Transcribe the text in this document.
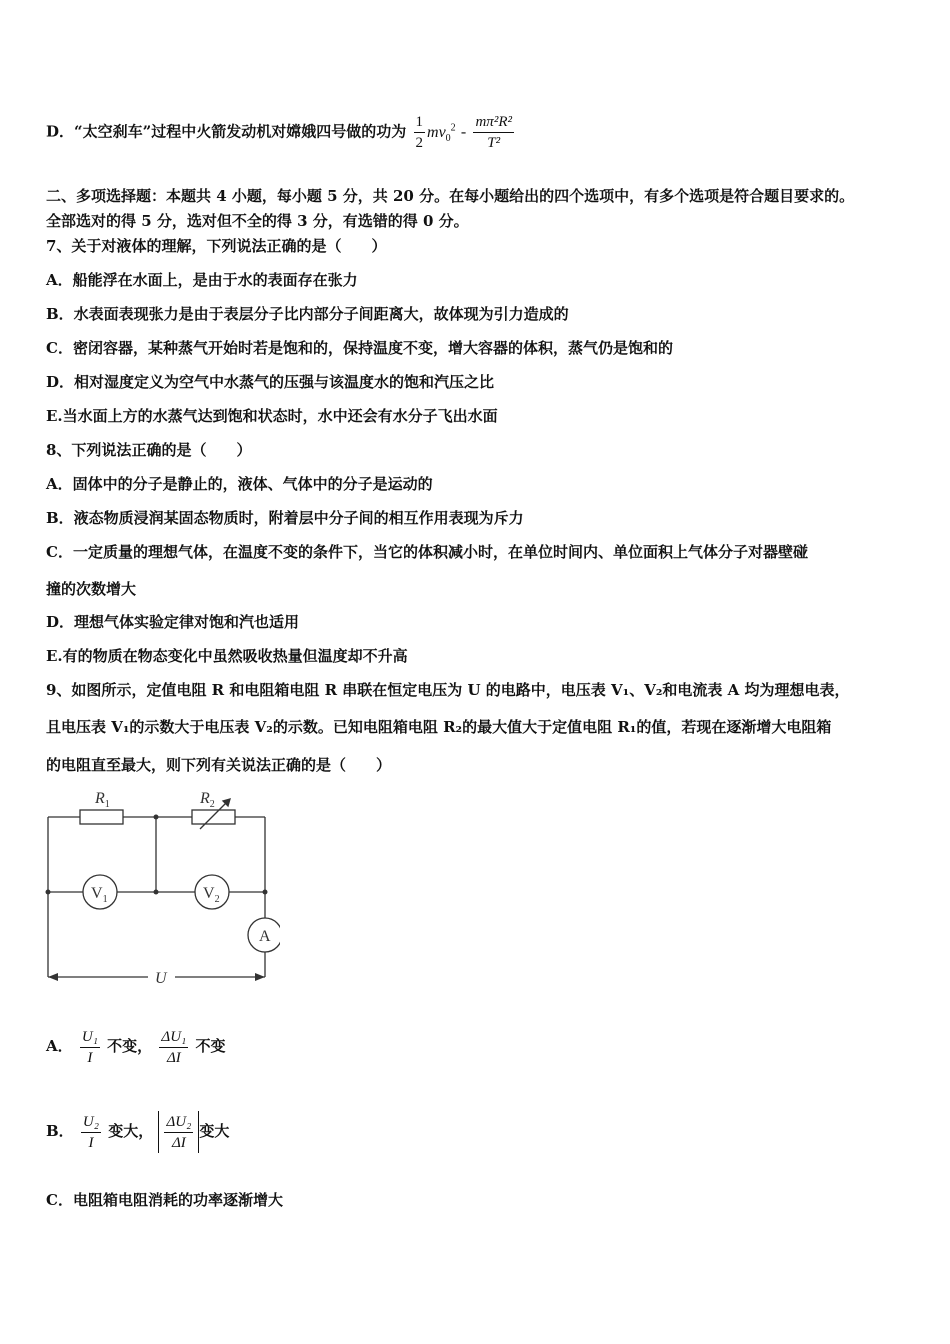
D．“太空刹车”过程中火箭发动机对嫦娥四号做的功为 $\frac{1}{2} mv_0^2 - \frac{\text{mπ²R²}}{\text{T²}}$
二、多项选择题：本题共 4 小题，每小题 5 分，共 20 分。在每小题给出的四个选项中，有多个选项是符合题目要求的。
全部选对的得 5 分，选对但不全的得 3 分，有选错的得 0 分。
7、关于对液体的理解，下列说法正确的是（　　）
A．船能浮在水面上，是由于水的表面存在张力
B．水表面表现张力是由于表层分子比内部分子间距离大，故体现为引力造成的
C．密闭容器，某种蒸气开始时若是饱和的，保持温度不变，增大容器的体积，蒸气仍是饱和的
D．相对湿度定义为空气中水蒸气的压强与该温度水的饱和汽压之比
E.当水面上方的水蒸气达到饱和状态时，水中还会有水分子飞出水面
8、下列说法正确的是（　　）
A．固体中的分子是静止的，液体、气体中的分子是运动的
B．液态物质浸润某固态物质时，附着层中分子间的相互作用表现为斥力
C．一定质量的理想气体，在温度不变的条件下，当它的体积减小时，在单位时间内、单位面积上气体分子对器壁碰
撞的次数增大
D．理想气体实验定律对饱和汽也适用
E.有的物质在物态变化中虽然吸收热量但温度却不升高
9、如图所示，定值电阻 R 和电阻箱电阻 R 串联在恒定电压为 U 的电路中，电压表 V₁、V₂和电流表 A 均为理想电表，
且电压表 V₁的示数大于电压表 V₂的示数。已知电阻箱电阻 R₂的最大值大于定值电阻 R₁的值，若现在逐渐增大电阻箱
的电阻直至最大，则下列有关说法正确的是（　　）
$R_1$	$R_2$
$V_1$	$V_2$
A
U
A． $\frac{\text{U₁}}{I}$ 不变， $\frac{\text{ΔU₁}}{\Delta I}$ 不变
B． $\frac{\text{U₂}}{I}$ 变大， $\frac{\text{ΔU₂}}{\Delta I}$ 变大
C．电阻箱电阻消耗的功率逐渐增大
